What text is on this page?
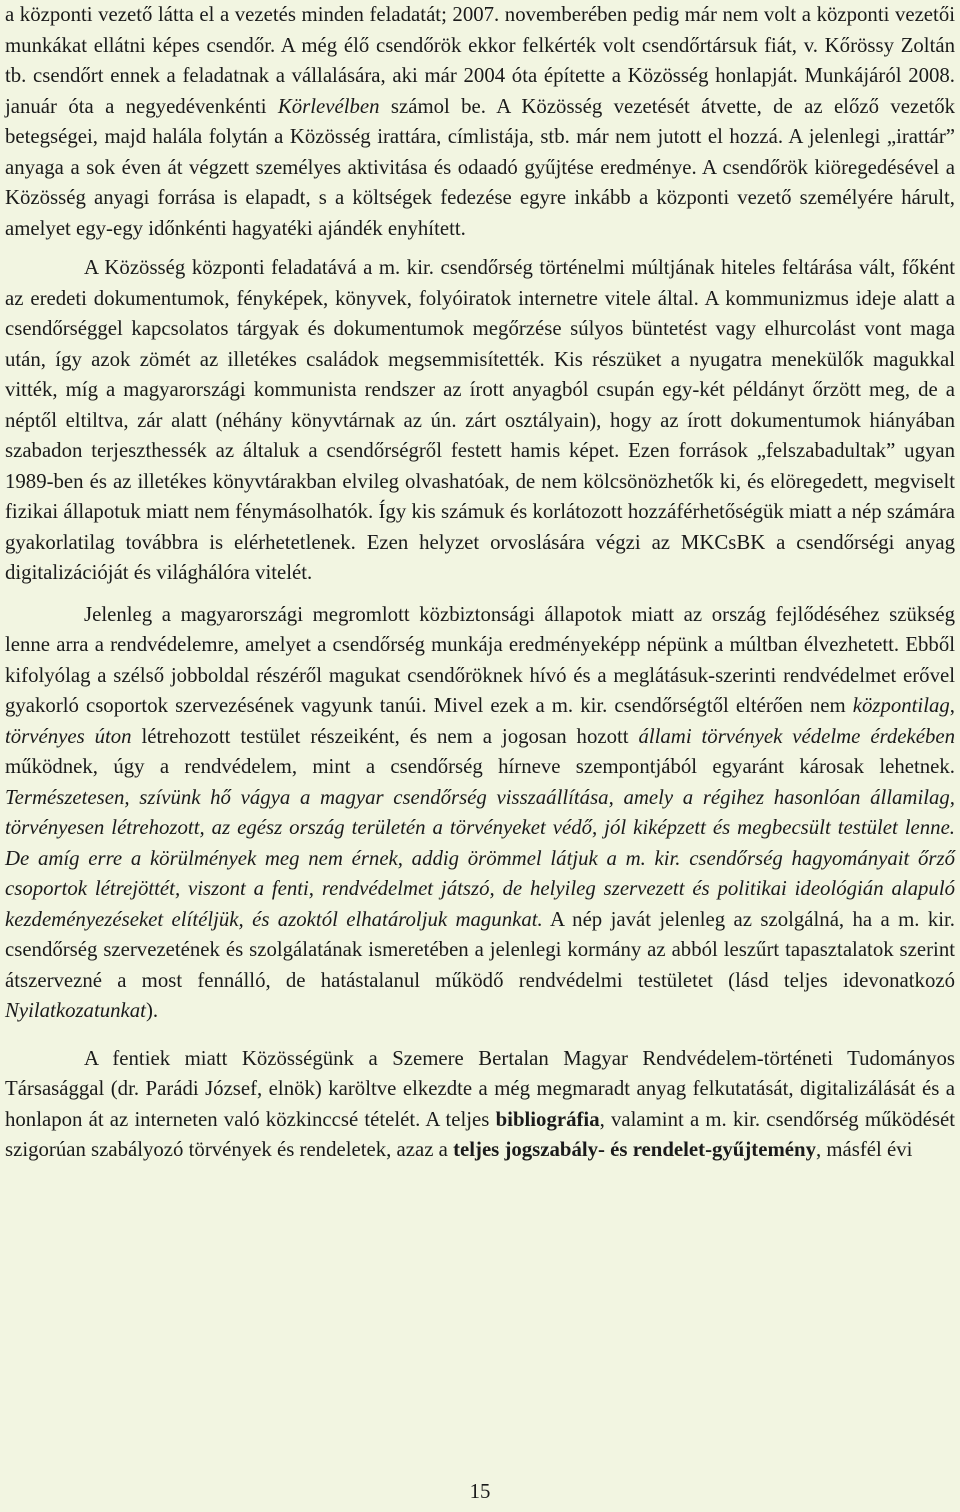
a központi vezető látta el a vezetés minden feladatát; 2007. novemberében pedig már nem volt a központi vezetői munkákat ellátni képes csendőr. A még élő csendőrök ekkor felkérték volt csendőrtársuk fiát, v. Kőrössy Zoltán tb. csendőrt ennek a feladatnak a vállalására, aki már 2004 óta építette a Közösség honlapját. Munkájáról 2008. január óta a negyedévenkénti Körlevélben számol be. A Közösség vezetését átvette, de az előző vezetők betegségei, majd halála folytán a Közösség irattára, címlistája, stb. már nem jutott el hozzá. A jelenlegi „irattár” anyaga a sok éven át végzett személyes aktivitása és odaadó gyűjtése eredménye. A csendőrök kiöregedésével a Közösség anyagi forrása is elapadt, s a költségek fedezése egyre inkább a központi vezető személyére hárult, amelyet egy-egy időnkénti hagyatéki ajándék enyhített.

A Közösség központi feladatává a m. kir. csendőrség történelmi múltjának hiteles feltárása vált, főként az eredeti dokumentumok, fényképek, könyvek, folyóiratok internetre vitele által. A kommunizmus ideje alatt a csendőrséggel kapcsolatos tárgyak és dokumentumok megőrzése súlyos büntetést vagy elhurcolást vont maga után, így azok zömét az illetékes családok megsemmisítették. Kis részüket a nyugatra menekülők magukkal vitték, míg a magyarországi kommunista rendszer az írott anyagból csupán egy-két példányt őrzött meg, de a néptől eltiltva, zár alatt (néhány könyvtárnak az ún. zárt osztályain), hogy az írott dokumentumok hiányában szabadon terjeszthessék az általuk a csendőrségről festett hamis képet. Ezen források „felszabadultak” ugyan 1989-ben és az illetékes könyvtárakban elvileg olvashatóak, de nem kölcsönözhetők ki, és elöregedett, megviselt fizikai állapotuk miatt nem fénymásolhatók. Így kis számuk és korlátozott hozzáférhetőségük miatt a nép számára gyakorlatilag továbbra is elérhetetlenek. Ezen helyzet orvoslására végzi az MKCsBK a csendőrségi anyag digitalizációját és világhálóra vitelét.

Jelenleg a magyarországi megromlott közbiztonsági állapotok miatt az ország fejlődéséhez szükség lenne arra a rendvédelemre, amelyet a csendőrség munkája eredményeképp népünk a múltban élvezhetett. Ebből kifolyólag a szélső jobboldal részéről magukat csendőröknek hívó és a meglátásuk-szerinti rendvédelmet erővel gyakorló csoportok szervezésének vagyunk tanúi. Mivel ezek a m. kir. csendőrségtől eltérően nem központilag, törvényes úton létrehozott testület részeiként, és nem a jogosan hozott állami törvények védelme érdekében működnek, úgy a rendvédelem, mint a csendőrség hírneve szempontjából egyaránt károsak lehetnek. Természetesen, szívünk hő vágya a magyar csendőrség visszaállítása, amely a régihez hasonlóan államilag, törvényesen létrehozott, az egész ország területén a törvényeket védő, jól kiképzett és megbecsült testület lenne. De amíg erre a körülmények meg nem érnek, addig örömmel látjuk a m. kir. csendőrség hagyományait őrző csoportok létrejöttét, viszont a fenti, rendvédelmet játszó, de helyileg szervezett és politikai ideológián alapuló kezdeményezéseket elítéljük, és azoktól elhatároljuk magunkat. A nép javát jelenleg az szolgálná, ha a m. kir. csendőrség szervezetének és szolgálatának ismeretében a jelenlegi kormány az abból leszűrt tapasztalatok szerint átszervezné a most fennálló, de hatástalanul működő rendvédelmi testületet (lásd teljes idevonatkozó Nyilatkozatunkat).

A fentiek miatt Közösségünk a Szemere Bertalan Magyar Rendvédelem-történeti Tudományos Társasággal (dr. Parádi József, elnök) karöltve elkezdte a még megmaradt anyag felkutatását, digitalizálását és a honlapon át az interneten való közkinccsé tételét. A teljes bibliográfia, valamint a m. kir. csendőrség működését szigorúan szabályozó törvények és rendeletek, azaz a teljes jogszabály- és rendelet-gyűjtemény, másfél évi

15
